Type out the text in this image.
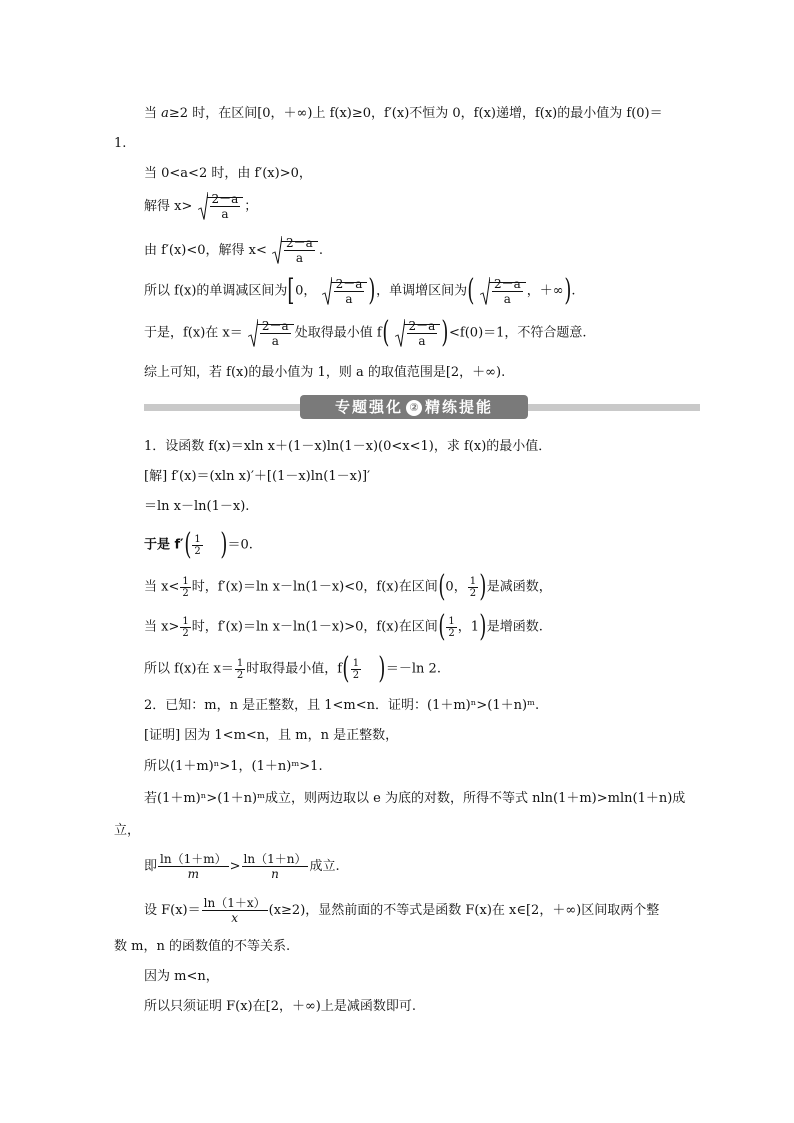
当 a≥2 时，在区间[0，＋∞)上 f(x)≥0，f′(x)不恒为 0，f(x)递增，f(x)的最小值为 f(0)＝
1.
当 0<a<2 时，由 f′(x)>0，
解得 $x> \frac{2-a}{a}$ ；
由 f′(x)<0，解得 $x< \frac{2-a}{a}$ .
所以 f(x)的单调减区间为[0， $\frac{2-a}{a}$ )，单调增区间为( $\frac{2-a}{a}$ ，＋∞).
于是，f(x)在 $x= \frac{2-a}{a}$ 处取得最小值 $f( \frac{2-a}{a} )<f(0)=1$，不符合题意.
综上可知，若 f(x)的最小值为 1，则 a 的取值范围是[2，＋∞).
专题强化 ② 精练提能
1．设函数 f(x)＝xln x＋(1－x)ln(1－x)(0<x<1)，求 f(x)的最小值．
[解] f′(x)＝(xln x)′＋[(1－x)ln(1－x)]′
＝ln x－ln(1－x).
于是 $f'( \frac{1}{2} )=0$.
当 $x< \frac{1}{2}$ 时，f′(x)＝ln x－ln(1－x)<0，f(x)在区间(0， $\frac{1}{2}$ )是减函数，
当 $x> \frac{1}{2}$ 时，f′(x)＝ln x－ln(1－x)>0，f(x)在区间( $\frac{1}{2}$ ，1)是增函数.
所以 f(x)在 $x= \frac{1}{2}$ 时取得最小值，$f( \frac{1}{2} )=-\ln$ 2.
2．已知：m，n 是正整数，且 1<m<n．证明：(1＋m)ⁿ>(1＋n)ᵐ.
[证明] 因为 1<m<n，且 m，n 是正整数，
所以(1＋m)ⁿ>1，(1＋n)ᵐ>1.
若(1＋m)ⁿ>(1＋n)ᵐ成立，则两边取以 e 为底的对数，所得不等式 nln(1＋m)>mln(1＋n)成
立，
即 $\frac{\ln(1+m)}{m} > \frac{\ln(1+n)}{n}$ 成立.
设 $F(x)= \frac{\ln(1+x)}{x} (x\ge 2)$，显然前面的不等式是函数 F(x)在 x∈[2，＋∞)区间取两个整
数 m，n 的函数值的不等关系.
因为 m<n，
所以只须证明 F(x)在[2，＋∞)上是减函数即可.
